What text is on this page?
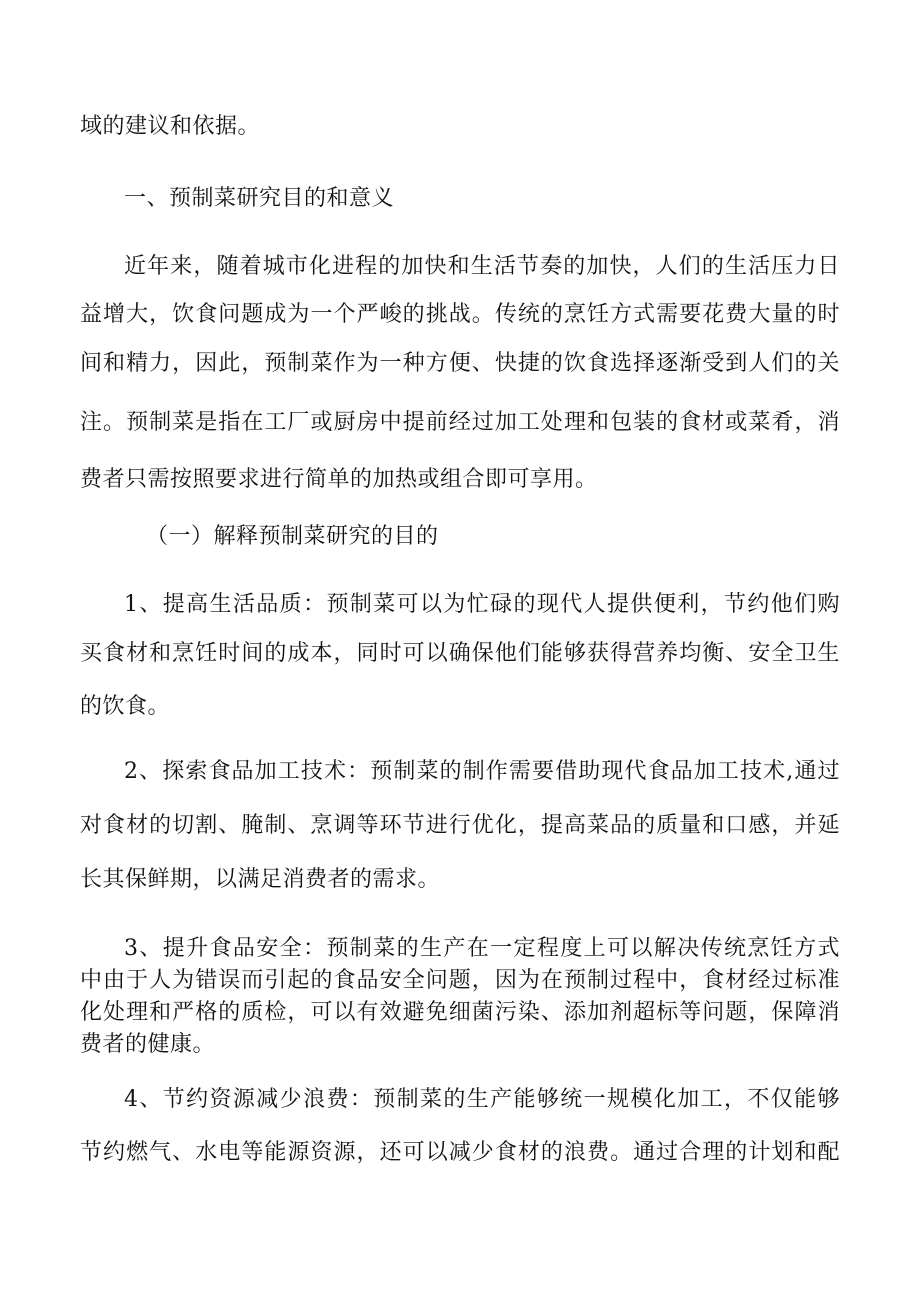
域的建议和依据。
一、预制菜研究目的和意义
近年来，随着城市化进程的加快和生活节奏的加快，人们的生活压力日
益增大，饮食问题成为一个严峻的挑战。传统的烹饪方式需要花费大量的时
间和精力，因此，预制菜作为一种方便、快捷的饮食选择逐渐受到人们的关
注。预制菜是指在工厂或厨房中提前经过加工处理和包装的食材或菜肴，消
费者只需按照要求进行简单的加热或组合即可享用。
（一）解释预制菜研究的目的
1、提高生活品质：预制菜可以为忙碌的现代人提供便利，节约他们购
买食材和烹饪时间的成本，同时可以确保他们能够获得营养均衡、安全卫生
的饮食。
2、探索食品加工技术：预制菜的制作需要借助现代食品加工技术,通过
对食材的切割、腌制、烹调等环节进行优化，提高菜品的质量和口感，并延
长其保鲜期，以满足消费者的需求。
3、提升食品安全：预制菜的生产在一定程度上可以解决传统烹饪方式
中由于人为错误而引起的食品安全问题，因为在预制过程中，食材经过标准
化处理和严格的质检，可以有效避免细菌污染、添加剂超标等问题，保障消
费者的健康。
4、节约资源减少浪费：预制菜的生产能够统一规模化加工，不仅能够
节约燃气、水电等能源资源，还可以减少食材的浪费。通过合理的计划和配
